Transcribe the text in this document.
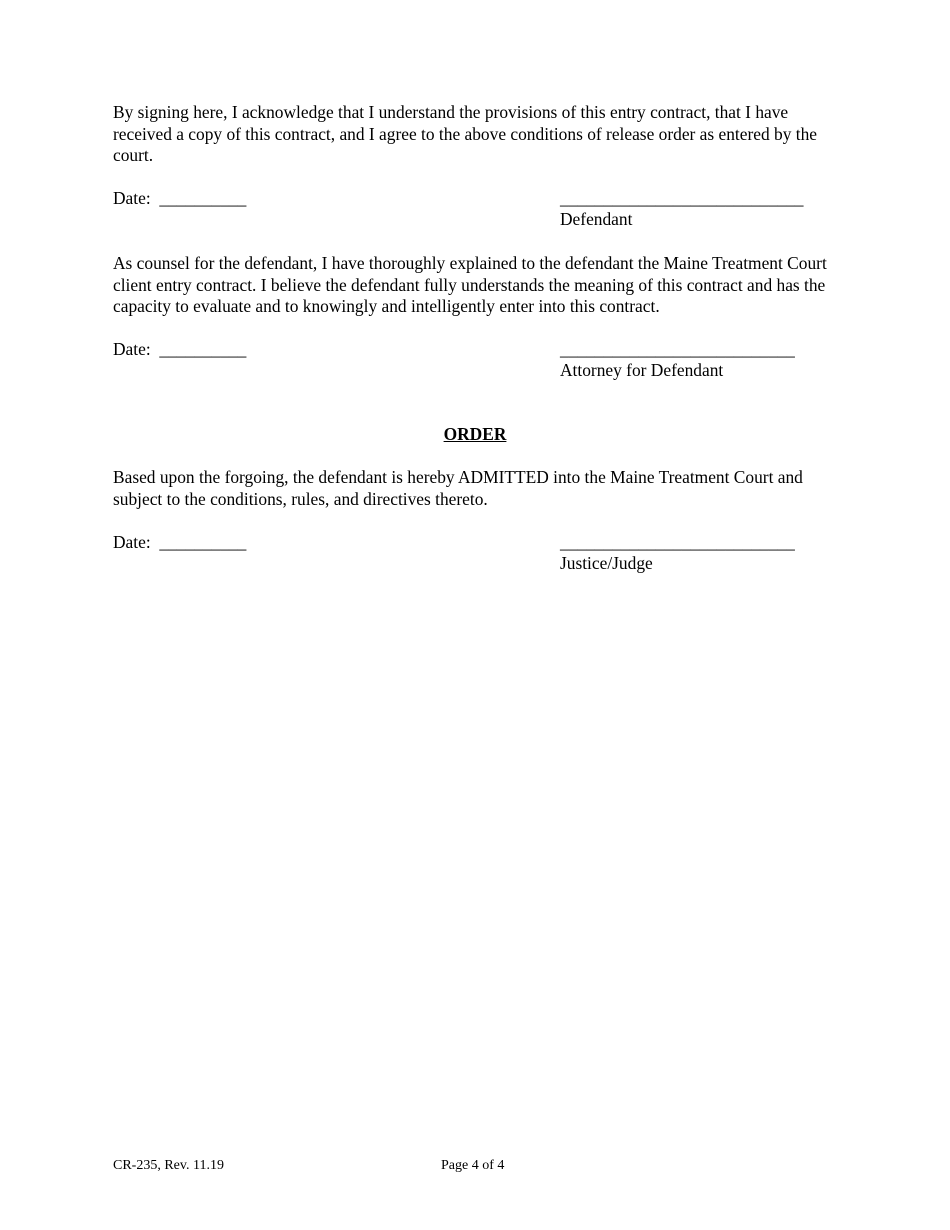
By signing here, I acknowledge that I understand the provisions of this entry contract, that I have received a copy of this contract, and I agree to the above conditions of release order as entered by the court.

Date: __________	____________________________
Defendant

As counsel for the defendant, I have thoroughly explained to the defendant the Maine Treatment Court client entry contract. I believe the defendant fully understands the meaning of this contract and has the capacity to evaluate and to knowingly and intelligently enter into this contract.

Date: __________	___________________________
Attorney for Defendant
ORDER

Based upon the forgoing, the defendant is hereby ADMITTED into the Maine Treatment Court and subject to the conditions, rules, and directives thereto.

Date: __________	___________________________
Justice/Judge
CR-235, Rev. 11.19	Page 4 of 4
